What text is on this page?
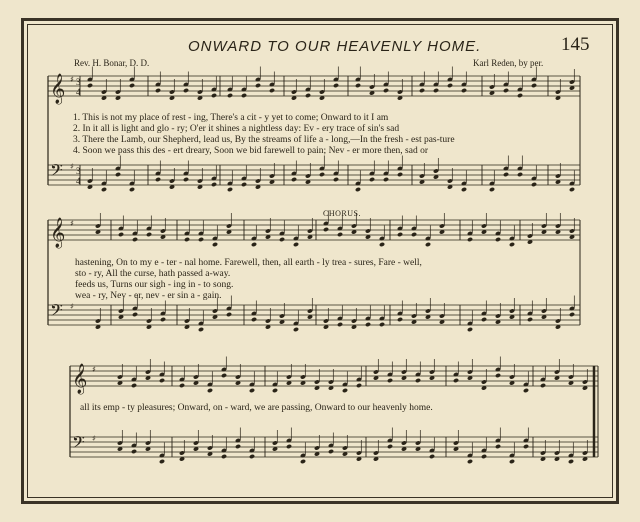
ONWARD TO OUR HEAVENLY HOME.	145
Rev. H. Bonar, D. D.	Karl Reden, by per.
1. This is not my place of rest - ing, There's a cit - y yet to come; Onward to it I am
2. In it all is light and glo - ry; O'er it shines a nightless day: Ev - ery trace of sin's sad
3. There the Lamb, our Shepherd, lead us, By the streams of life a - long,—In the fresh - est pas-ture
4. Soon we pass this des - ert dreary, Soon we bid farewell to pain; Nev - er more then, sad or
CHORUS.
hastening, On to my e - ter - nal home. Farewell, then, all earth - ly trea - sures, Fare - well,
sto - ry, All the curse, hath passed a-way.
feeds us, Turns our sigh - ing in - to song.
wea - ry, Nev - er, nev - er sin a - gain.
all its emp - ty pleasures; Onward, on - ward, we are passing, Onward to our heavenly home.
𝄞
𝄢
♯
♯
𝄞
𝄢
♯
♯
𝄞
𝄢
♯
♯
3
4
3
4
